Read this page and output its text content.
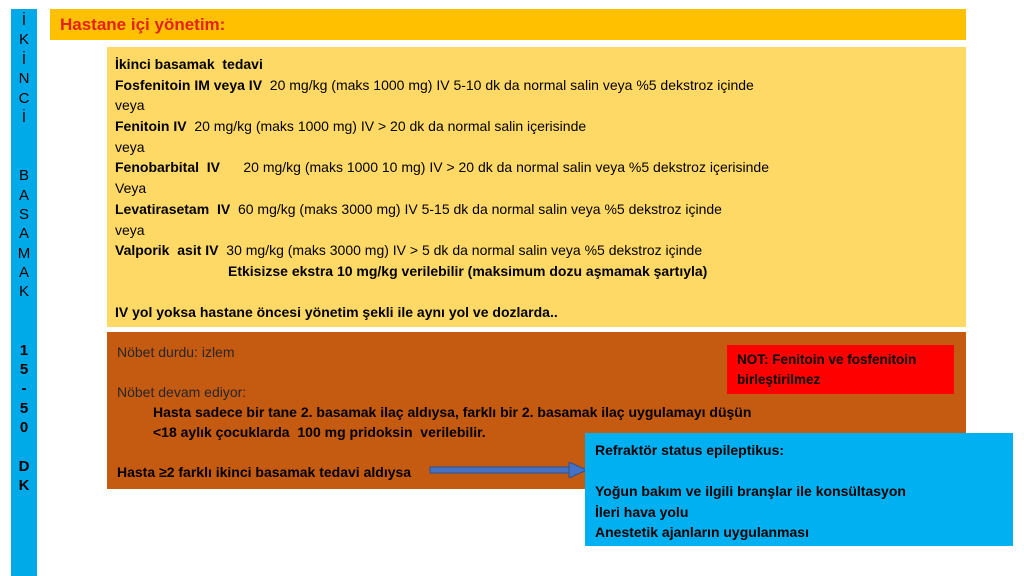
İ
K
İ
N
C
İ
B
A
S
A
M
A
K
1
5
-
5
0
D
K
Hastane içi yönetim:
İkinci basamak  tedavi
Fosfenitoin IM veya IV  20 mg/kg (maks 1000 mg) IV 5-10 dk da normal salin veya %5 dekstroz içinde
veya
Fenitoin IV  20 mg/kg (maks 1000 mg) IV > 20 dk da normal salin içerisinde
veya
Fenobarbital  IV      20 mg/kg (maks 1000 10 mg) IV > 20 dk da normal salin veya %5 dekstroz içerisinde
Veya
Levatirasetam  IV  60 mg/kg (maks 3000 mg) IV 5-15 dk da normal salin veya %5 dekstroz içinde
veya
Valporik  asit IV  30 mg/kg (maks 3000 mg) IV > 5 dk da normal salin veya %5 dekstroz içinde
Etkisizse ekstra 10 mg/kg verilebilir (maksimum dozu aşmamak şartıyla)
IV yol yoksa hastane öncesi yönetim şekli ile aynı yol ve dozlarda..
Nöbet durdu: izlem
Nöbet devam ediyor:
Hasta sadece bir tane 2. basamak ilaç aldıysa, farklı bir 2. basamak ilaç uygulamayı düşün
<18 aylık çocuklarda  100 mg pridoksin  verilebilir.
Hasta ≥2 farklı ikinci basamak tedavi aldıysa
NOT: Fenitoin ve fosfenitoin
birleştirilmez
Refraktör status epileptikus:
Yoğun bakım ve ilgili branşlar ile konsültasyon
İleri hava yolu
Anestetik ajanların uygulanması
